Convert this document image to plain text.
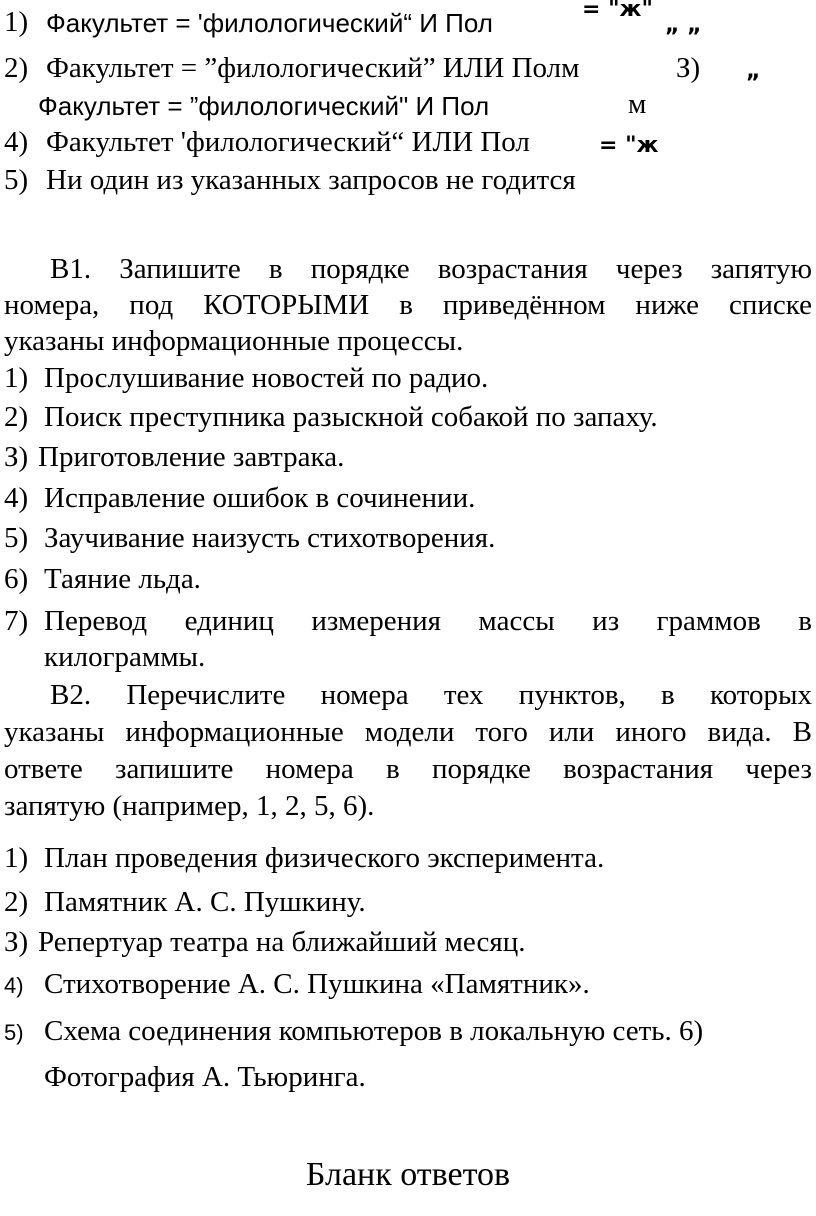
1) Факультет = 'филологический“ И Пол	= "ж"
„ „
2) Факультет = ”филологический” ИЛИ Полм	З) „
Факультет = ”филологический" И Пол	м
4) Факультет 'филологический“ ИЛИ Пол	= "ж
5) Ни один из указанных запросов не годится
В1. Запишите в порядке возрастания через запятую
номера, под КОТОРЫМИ в приведённом ниже списке
указаны информационные процессы.
1) Прослушивание новостей по радио.
2) Поиск преступника разыскной собакой по запаху.
З) Приготовление завтрака.
4) Исправление ошибок в сочинении.
5) Заучивание наизусть стихотворения.
6) Таяние льда.
7) Перевод единиц измерения массы из граммов в
килограммы.
В2. Перечислите номера тех пунктов, в которых
указаны информационные модели того или иного вида. В
ответе запишите номера в порядке возрастания через
запятую (например, 1, 2, 5, 6).
1) План проведения физического эксперимента.
2) Памятник А. С. Пушкину.
З) Репертуар театра на ближайший месяц.
4) Стихотворение А. С. Пушкина «Памятник».
5) Схема соединения компьютеров в локальную сеть. 6)
Фотография А. Тьюринга.
Бланк ответов
